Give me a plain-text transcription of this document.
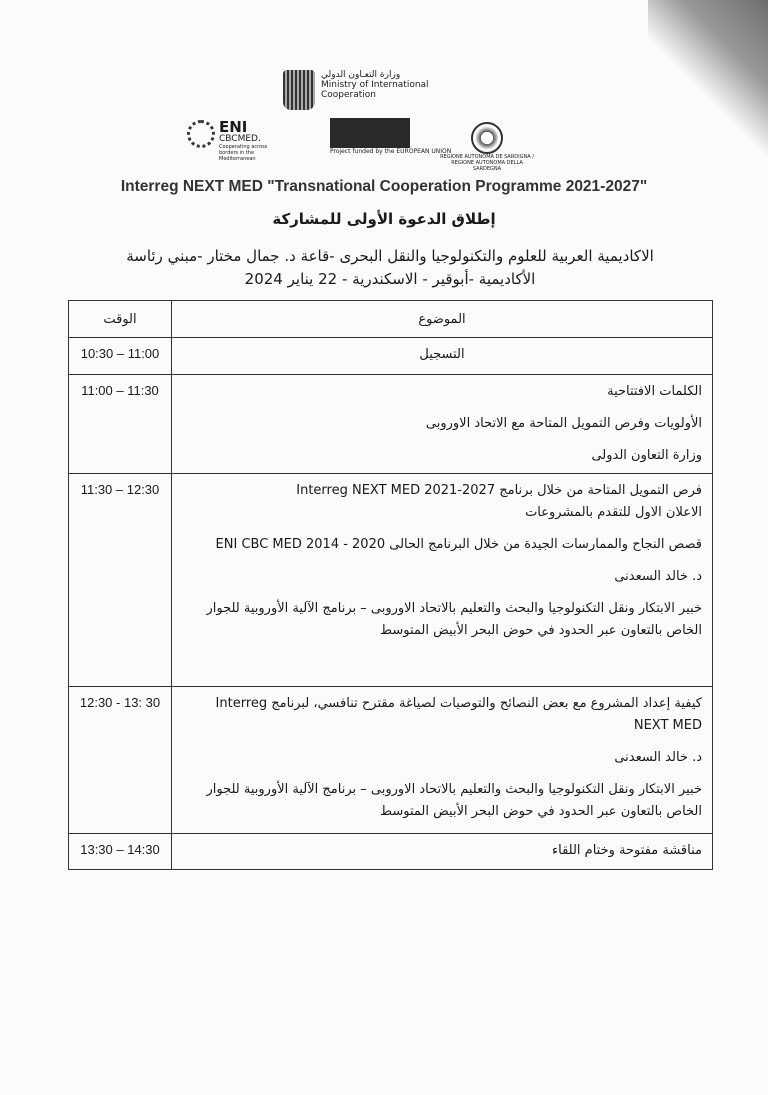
وزارة التعـاون الدولي
Ministry of International Cooperation
ENI
CBCMED.
Cooperating across borders in the Mediterranean
Project funded by the EUROPEAN UNION
REGIONE AUTONOMA DE SARDIGNA / REGIONE AUTONOMA DELLA SARDEGNA
Interreg NEXT MED "Transnational Cooperation Programme 2021-2027"
إطلاق الدعوة الأولى للمشاركة
الاكاديمية العربية للعلوم والتكنولوجيا والنقل البحرى -قاعة د. جمال مختار -مبني رئاسة
الأكاديمية -أبوقير - الاسكندرية - 22 يناير 2024
الوقت	الموضوع
10:30 – 11:00	التسجيل

11:00 – 11:30	الكلمات الافتتاحية

الأولويات وفرص التمويل المتاحة مع الاتحاد الاوروبى

وزارة التعاون الدولى

11:30 – 12:30	فرص التمويل المتاحة من خلال برنامج Interreg NEXT MED 2021-2027

الاعلان الاول للتقدم بالمشروعات

قصص النجاح والممارسات الجيدة من خلال البرنامج الحالى ENI CBC MED 2014 - 2020

د. خالد السعدنى

خبير الابتكار ونقل التكنولوجيا والبحث والتعليم بالاتحاد الاوروبى – برنامج الآلية الأوروبية للجوار الخاص بالتعاون عبر الحدود في حوض البحر الأبيض المتوسط

12:30 - 13: 30	كيفية إعداد المشروع مع بعض النصائح والتوصيات لصياغة مقترح تنافسي، لبرنامج Interreg NEXT MED

د. خالد السعدنى

خبير الابتكار ونقل التكنولوجيا والبحث والتعليم بالاتحاد الاوروبى – برنامج الآلية الأوروبية للجوار الخاص بالتعاون عبر الحدود في حوض البحر الأبيض المتوسط

13:30 – 14:30	مناقشة مفتوحة وختام اللقاء
